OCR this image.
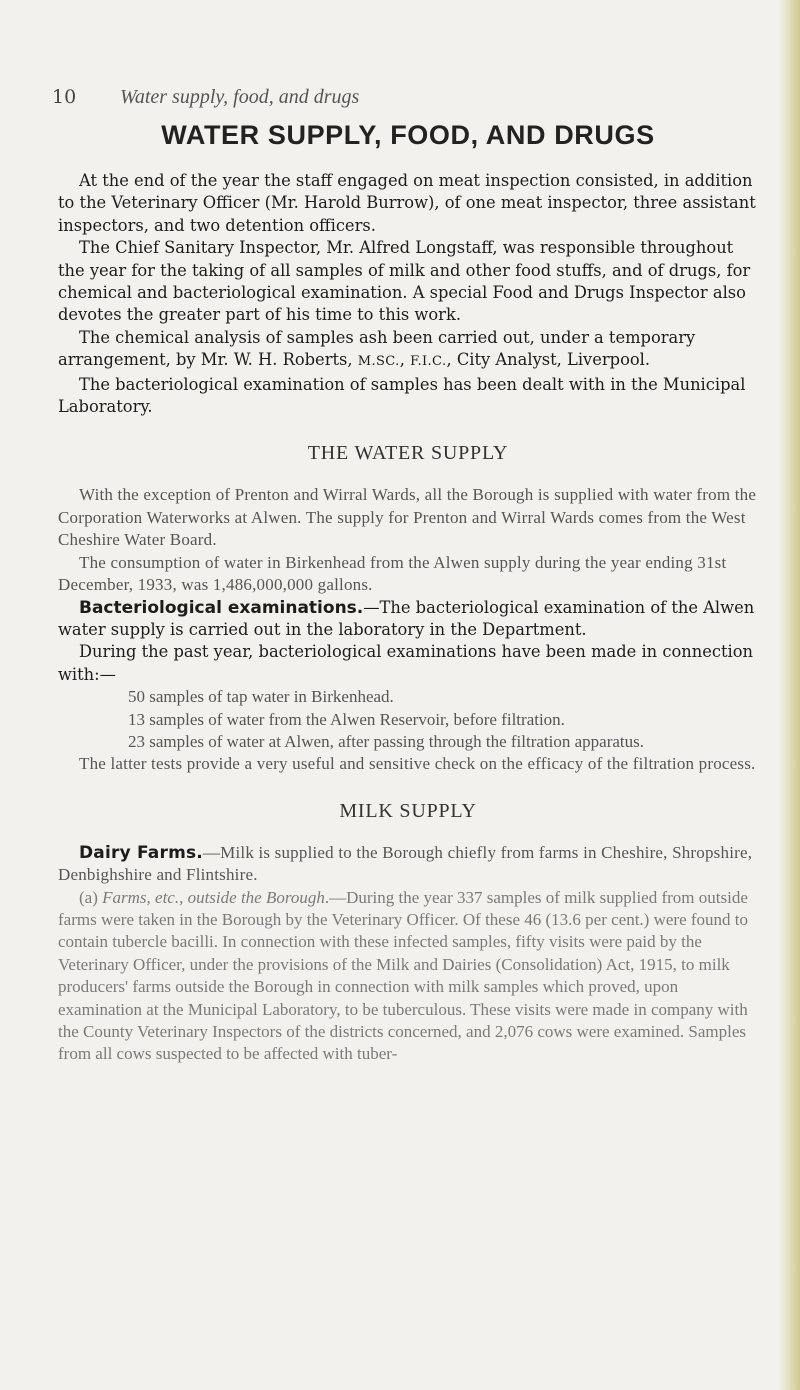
10 Water supply, food, and drugs
WATER SUPPLY, FOOD, AND DRUGS

At the end of the year the staff engaged on meat inspection consisted, in addition to the Veterinary Officer (Mr. Harold Burrow), of one meat inspector, three assistant inspectors, and two detention officers.

The Chief Sanitary Inspector, Mr. Alfred Longstaff, was responsible throughout the year for the taking of all samples of milk and other food stuffs, and of drugs, for chemical and bacteriological examination. A special Food and Drugs Inspector also devotes the greater part of his time to this work.

The chemical analysis of samples ash been carried out, under a temporary arrangement, by Mr. W. H. Roberts, M.SC., F.I.C., City Analyst, Liverpool.

The bacteriological examination of samples has been dealt with in the Municipal Laboratory.

THE WATER SUPPLY

With the exception of Prenton and Wirral Wards, all the Borough is supplied with water from the Corporation Waterworks at Alwen. The supply for Prenton and Wirral Wards comes from the West Cheshire Water Board.

The consumption of water in Birkenhead from the Alwen supply during the year ending 31st December, 1933, was 1,486,000,000 gallons.

Bacteriological examinations.—The bacteriological examination of the Alwen water supply is carried out in the laboratory in the Department.

During the past year, bacteriological examinations have been made in connection with:—

50 samples of tap water in Birkenhead.

13 samples of water from the Alwen Reservoir, before filtration.

23 samples of water at Alwen, after passing through the filtration apparatus.

The latter tests provide a very useful and sensitive check on the efficacy of the filtration process.

MILK SUPPLY

Dairy Farms.—Milk is supplied to the Borough chiefly from farms in Cheshire, Shropshire, Denbighshire and Flintshire.

(a) Farms, etc., outside the Borough.—During the year 337 samples of milk supplied from outside farms were taken in the Borough by the Veterinary Officer. Of these 46 (13.6 per cent.) were found to contain tubercle bacilli. In connection with these infected samples, fifty visits were paid by the Veterinary Officer, under the provisions of the Milk and Dairies (Consolidation) Act, 1915, to milk producers' farms outside the Borough in connection with milk samples which proved, upon examination at the Municipal Laboratory, to be tuberculous. These visits were made in company with the County Veterinary Inspectors of the districts concerned, and 2,076 cows were examined. Samples from all cows suspected to be affected with tuber-
